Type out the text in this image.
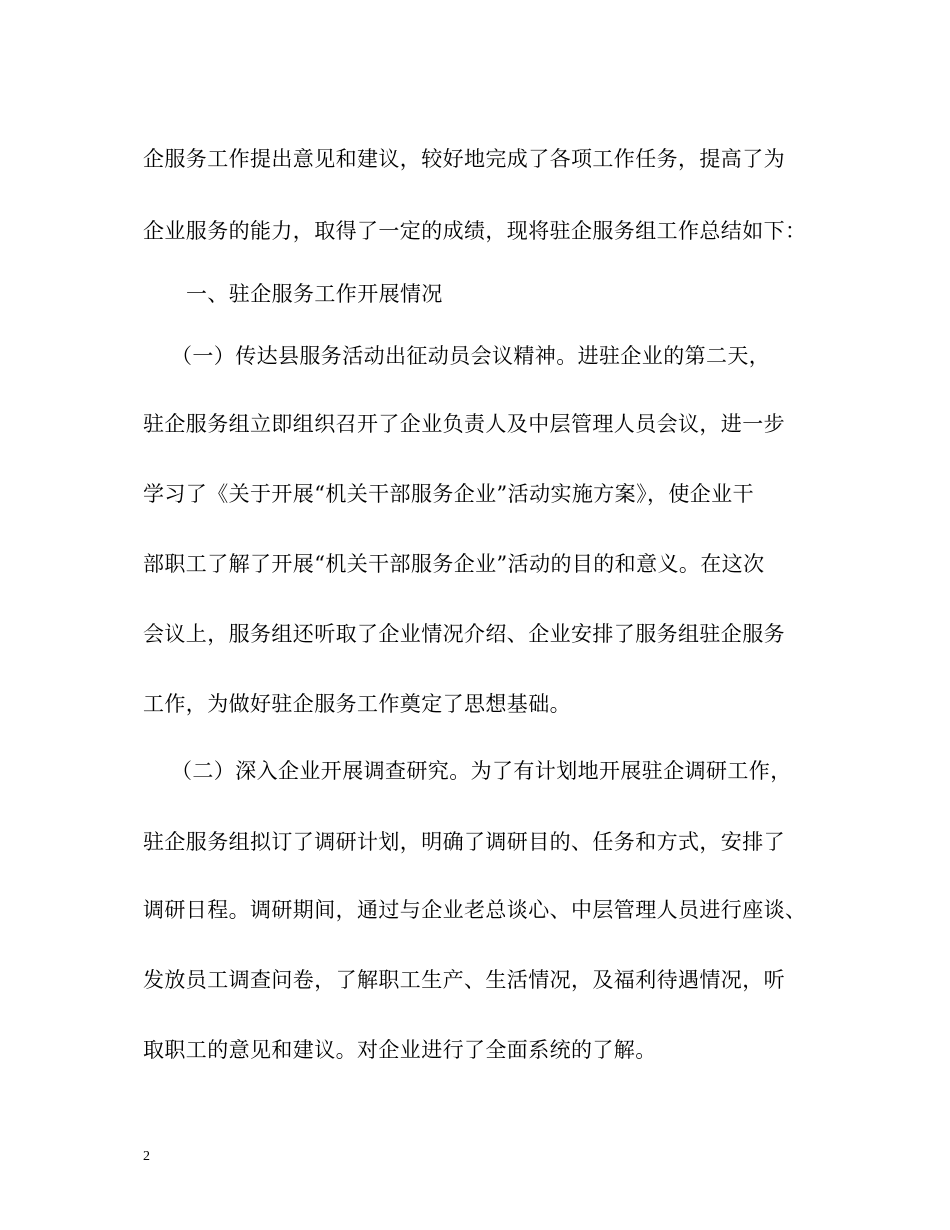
企服务工作提出意见和建议，较好地完成了各项工作任务，提高了为
企业服务的能力，取得了一定的成绩，现将驻企服务组工作总结如下：
一、驻企服务工作开展情况
（一）传达县服务活动出征动员会议精神。进驻企业的第二天，
驻企服务组立即组织召开了企业负责人及中层管理人员会议，进一步
学习了《关于开展“机关干部服务企业”活动实施方案》，使企业干
部职工了解了开展“机关干部服务企业”活动的目的和意义。在这次
会议上，服务组还听取了企业情况介绍、企业安排了服务组驻企服务
工作，为做好驻企服务工作奠定了思想基础。
（二）深入企业开展调查研究。为了有计划地开展驻企调研工作，
驻企服务组拟订了调研计划，明确了调研目的、任务和方式，安排了
调研日程。调研期间，通过与企业老总谈心、中层管理人员进行座谈、
发放员工调查问卷，了解职工生产、生活情况，及福利待遇情况，听
取职工的意见和建议。对企业进行了全面系统的了解。
2
